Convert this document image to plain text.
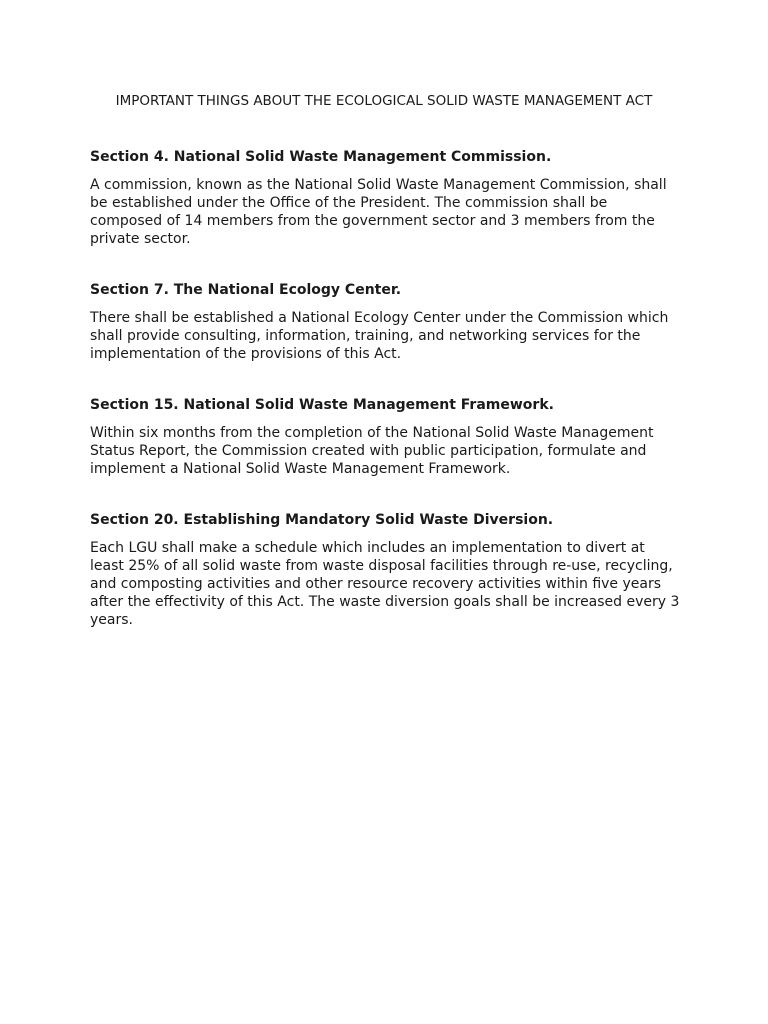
IMPORTANT THINGS ABOUT THE ECOLOGICAL SOLID WASTE MANAGEMENT ACT
Section 4. National Solid Waste Management Commission.

A commission, known as the National Solid Waste Management Commission, shall be established under the Office of the President. The commission shall be composed of 14 members from the government sector and 3 members from the private sector.

Section 7. The National Ecology Center.

There shall be established a National Ecology Center under the Commission which shall provide consulting, information, training, and networking services for the implementation of the provisions of this Act.

Section 15. National Solid Waste Management Framework.

Within six months from the completion of the National Solid Waste Management Status Report, the Commission created with public participation, formulate and implement a National Solid Waste Management Framework.

Section 20. Establishing Mandatory Solid Waste Diversion.

Each LGU shall make a schedule which includes an implementation to divert at least 25% of all solid waste from waste disposal facilities through re-use, recycling, and composting activities and other resource recovery activities within five years after the effectivity of this Act. The waste diversion goals shall be increased every 3 years.
